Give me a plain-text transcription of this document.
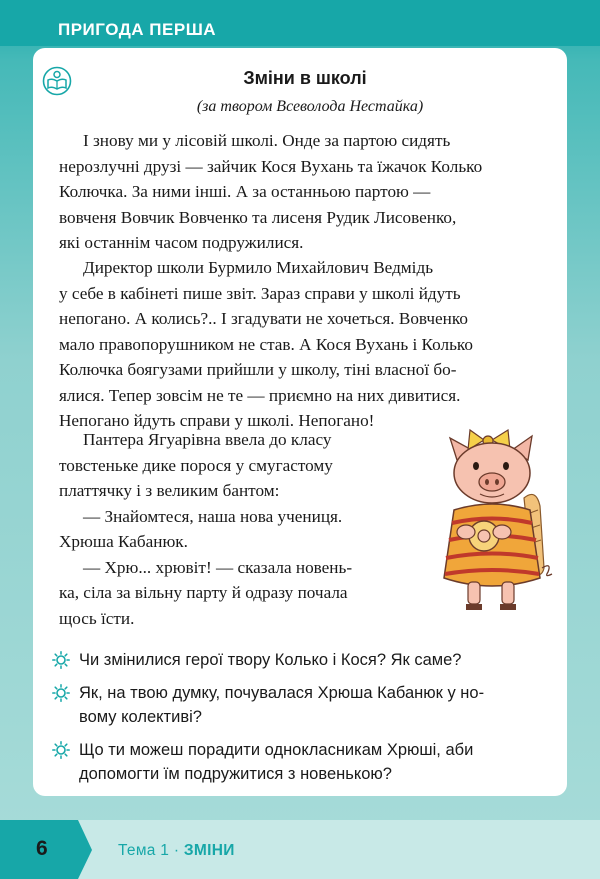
ПРИГОДА ПЕРША
Зміни в школі
(за твором Всеволода Нестайка)
І знову ми у лісовій школі. Онде за партою сидять
нерозлучні друзі — зайчик Кося Вухань та їжачок Колько
Колючка. За ними інші. А за останньою партою —
вовченя Вовчик Вовченко та лисеня Рудик Лисовенко,
які останнім часом подружилися.
Директор школи Бурмило Михайлович Ведмідь
у себе в кабінеті пише звіт. Зараз справи у школі йдуть
непогано. А колись?.. І згадувати не хочеться. Вовченко
мало правопорушником не став. А Кося Вухань і Колько
Колючка боягузами прийшли у школу, тіні власної бо-
ялися. Тепер зовсім не те — приємно на них дивитися.
Непогано йдуть справи у школі. Непогано!
Пантера Ягуарівна ввела до класу
товстеньке дике порося у смугастому
платтячку і з великим бантом:
— Знайомтеся, наша нова учениця.
Хрюша Кабанюк.
— Хрю... хрювіт! — сказала новень-
ка, сіла за вільну парту й одразу почала
щось їсти.
Чи змінилися герої твору Колько і Кося? Як саме?
Як, на твою думку, почувалася Хрюша Кабанюк у но-
вому колективі?
Що ти можеш порадити однокласникам Хрюші, аби
допомогти їм подружитися з новенькою?
6	Тема 1 · ЗМІНИ
